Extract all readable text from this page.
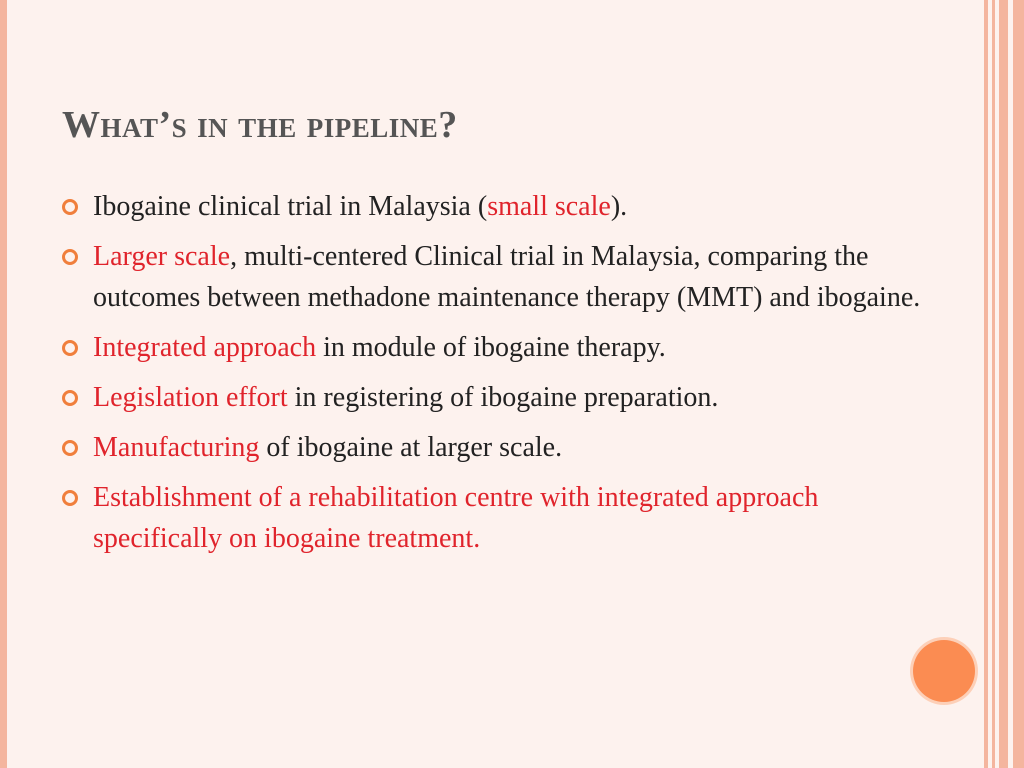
What’s in the pipeline?
Ibogaine clinical trial in Malaysia (small scale).
Larger scale, multi-centered Clinical trial in Malaysia, comparing the outcomes between methadone maintenance therapy (MMT) and ibogaine.
Integrated approach in module of ibogaine therapy.
Legislation effort in registering of ibogaine preparation.
Manufacturing of ibogaine at larger scale.
Establishment of a rehabilitation centre with integrated approach specifically on ibogaine treatment.
